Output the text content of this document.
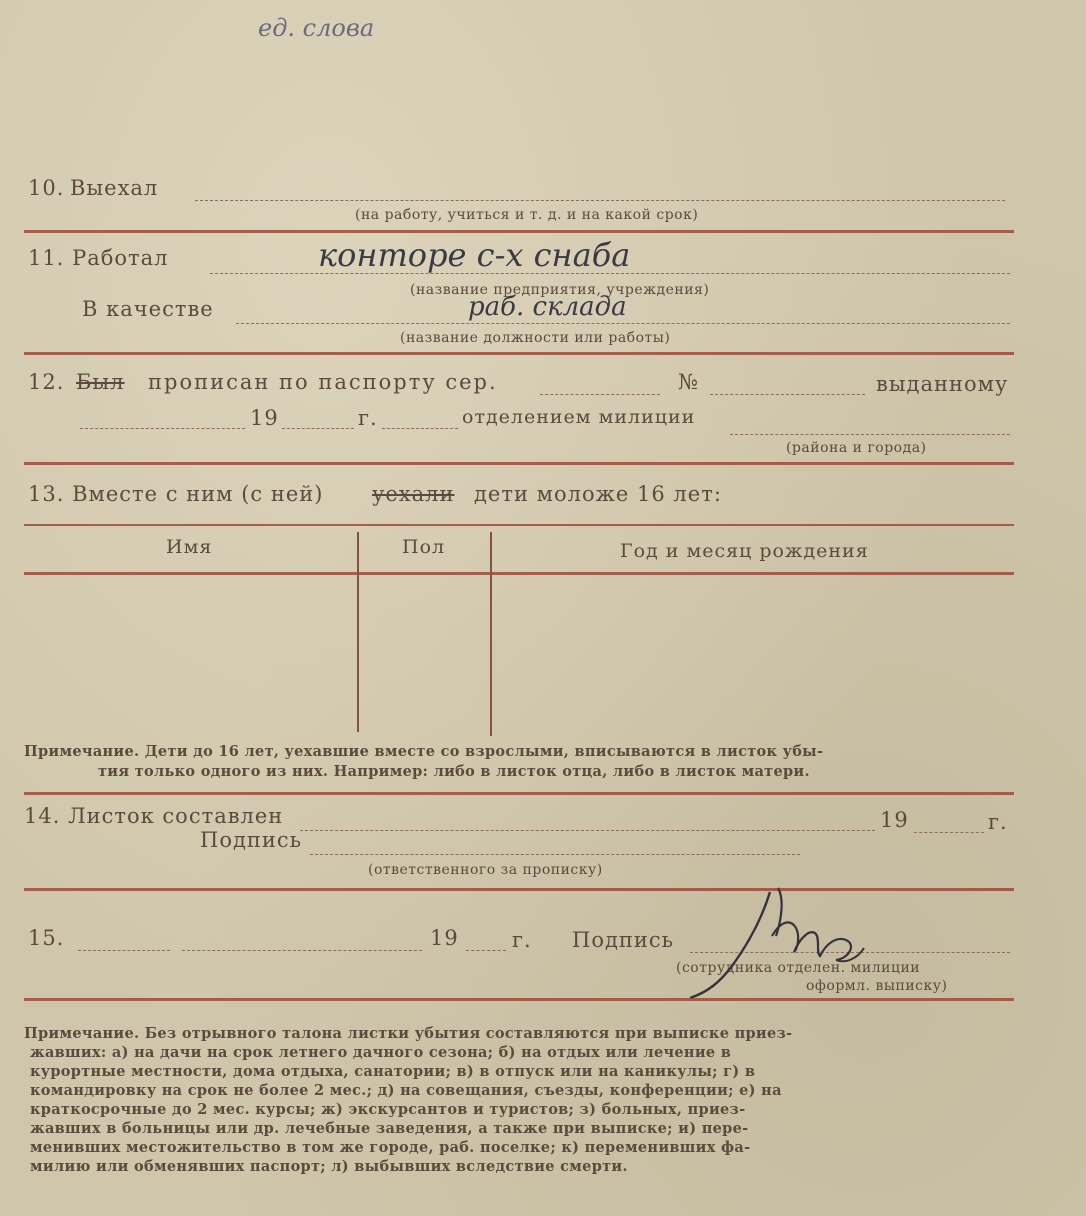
ед. слова
10. Выехал
(на работу, учиться и т. д. и на какой срок)
11. Работал	конторе с-х снаба
(название предприятия, учреждения)
В качестве	раб. склада
(название должности или работы)
12. Был прописан по паспорту сер.	№	выданному
19	г.	отделением милиции
(района и города)
13. Вместе с ним (с ней) уехали дети моложе 16 лет:
Имя	Пол	Год и месяц рождения
Примечание. Дети до 16 лет, уехавшие вместе со взрослыми, вписываются в листок убы-
тия только одного из них. Например: либо в листок отца, либо в листок матери.
14. Листок составлен	19	г.
Подпись
(ответственного за прописку)
15.	19	г. Подпись
(сотрудника отделен. милиции
оформл. выписку)
Примечание. Без отрывного талона листки убытия составляются при выписке приез-
жавших: а) на дачи на срок летнего дачного сезона; б) на отдых или лечение в
курортные местности, дома отдыха, санатории; в) в отпуск или на каникулы; г) в
командировку на срок не более 2 мес.; д) на совещания, съезды, конференции; е) на
краткосрочные до 2 мес. курсы; ж) экскурсантов и туристов; з) больных, приез-
жавших в больницы или др. лечебные заведения, а также при выписке; и) пере-
менивших местожительство в том же городе, раб. поселке; к) переменивших фа-
милию или обменявших паспорт; л) выбывших вследствие смерти.
